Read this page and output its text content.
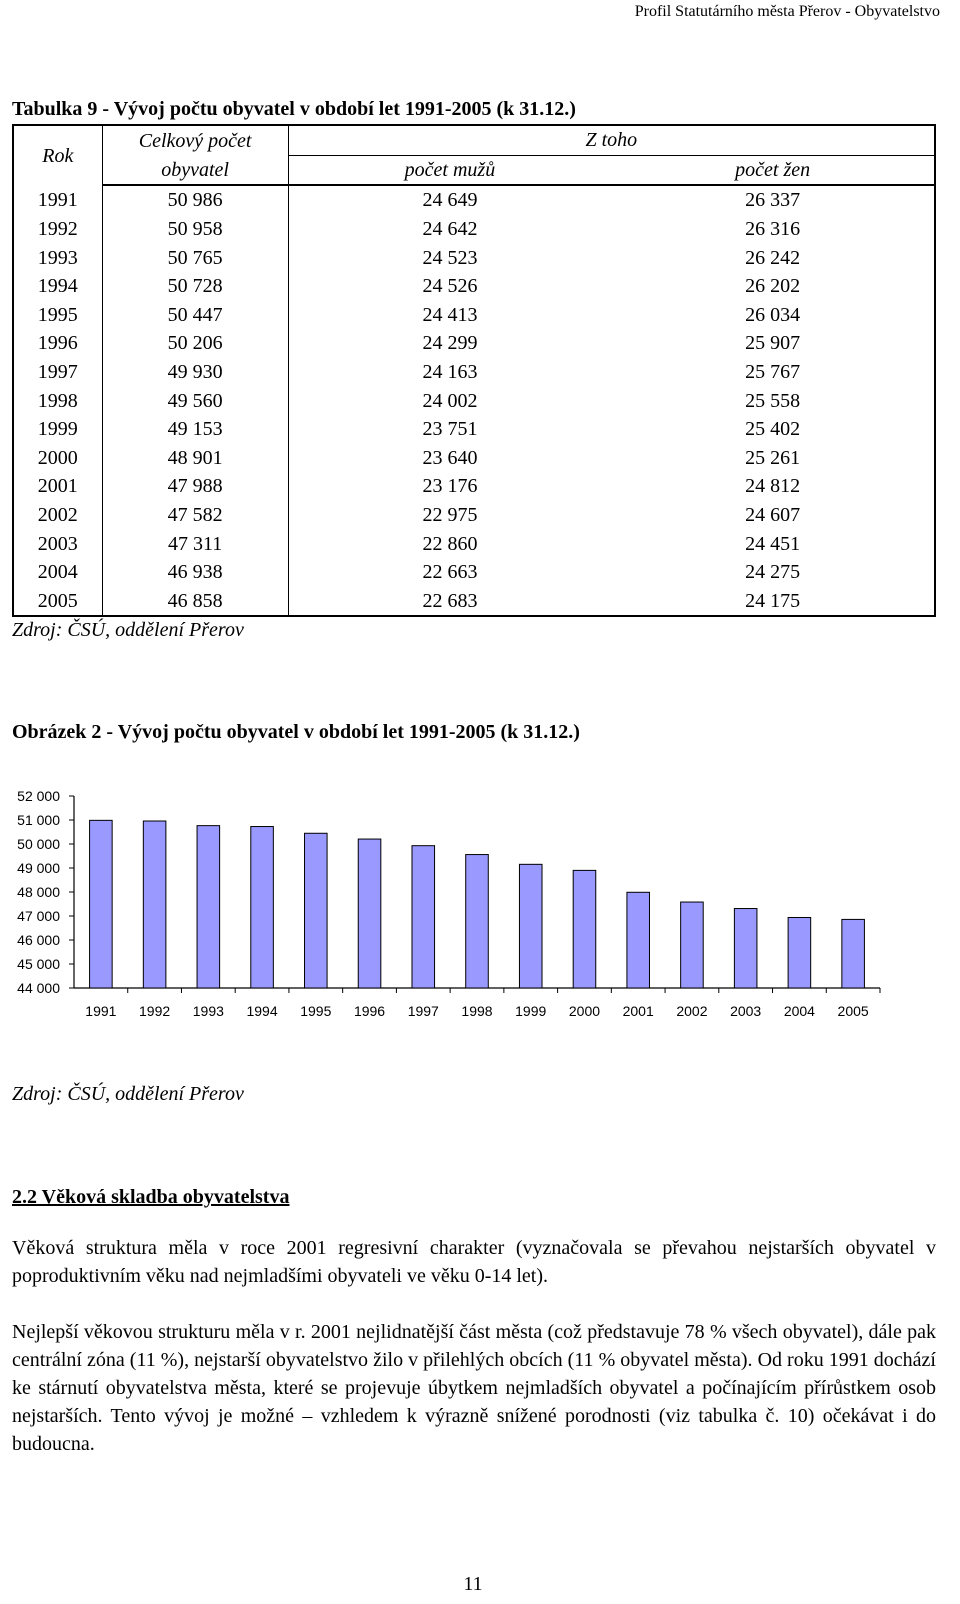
Profil Statutárního města Přerov - Obyvatelstvo
Tabulka 9 - Vývoj počtu obyvatel v období let 1991-2005 (k 31.12.)
Rok	Celkový počet	Z toho	
	obyvatel	počet mužů	počet žen
1991	50 986	24 649	26 337
1992	50 958	24 642	26 316
1993	50 765	24 523	26 242
1994	50 728	24 526	26 202
1995	50 447	24 413	26 034
1996	50 206	24 299	25 907
1997	49 930	24 163	25 767
1998	49 560	24 002	25 558
1999	49 153	23 751	25 402
2000	48 901	23 640	25 261
2001	47 988	23 176	24 812
2002	47 582	22 975	24 607
2003	47 311	22 860	24 451
2004	46 938	22 663	24 275
2005	46 858	22 683	24 175
Zdroj: ČSÚ, oddělení Přerov
Obrázek 2 - Vývoj počtu obyvatel v období let 1991-2005 (k 31.12.)
44 000
45 000
46 000
47 000
48 000
49 000
50 000
51 000
52 000
1991 1992 1993 1994 1995 1996 1997 1998 1999 2000 2001 2002 2003 2004 2005
Zdroj: ČSÚ, oddělení Přerov
2.2 Věková skladba obyvatelstva

Věková struktura měla v roce 2001 regresivní charakter (vyznačovala se převahou nejstarších obyvatel v poproduktivním věku nad nejmladšími obyvateli ve věku 0-14 let).

Nejlepší věkovou strukturu měla v r. 2001 nejlidnatější část města (což představuje 78 % všech obyvatel), dále pak centrální zóna (11 %), nejstarší obyvatelstvo žilo v přilehlých obcích (11 % obyvatel města). Od roku 1991 dochází ke stárnutí obyvatelstva města, které se projevuje úbytkem nejmladších obyvatel a počínajícím přírůstkem osob nejstarších. Tento vývoj je možné – vzhledem k výrazně snížené porodnosti (viz tabulka č. 10) očekávat i do budoucna.

11
